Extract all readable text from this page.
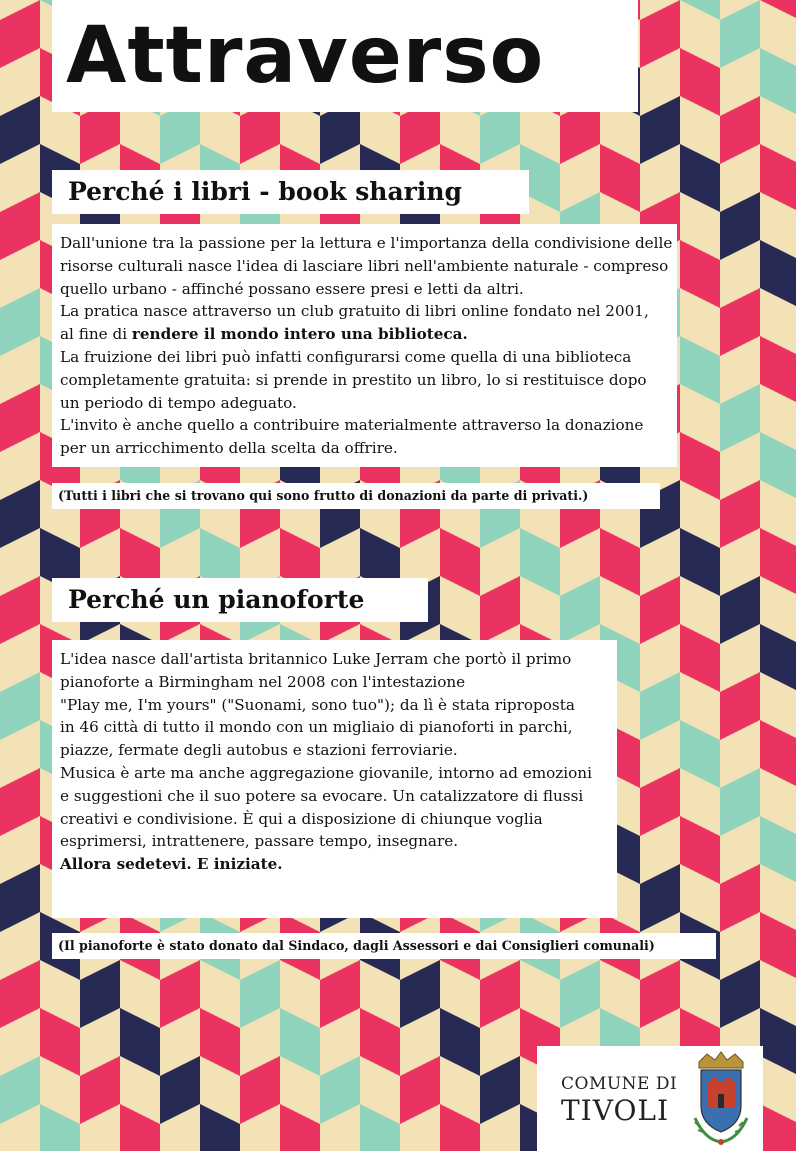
Attraverso
Perché i libri - book sharing
Dall'unione tra la passione per la lettura e l'importanza della condivisione delle
risorse culturali nasce l'idea di lasciare libri nell'ambiente naturale - compreso
quello urbano - affinché possano essere presi e letti da altri.
La pratica nasce attraverso un club gratuito di libri online fondato nel 2001,
al fine di rendere il mondo intero una biblioteca.
La fruizione dei libri può infatti configurarsi come quella di una biblioteca
completamente gratuita: si prende in prestito un libro, lo si restituisce dopo
un periodo di tempo adeguato.
L'invito è anche quello a contribuire materialmente attraverso la donazione
per un arricchimento della scelta da offrire.

(Tutti i libri che si trovano qui sono frutto di donazioni da parte di privati.)

Perché un pianoforte
L'idea nasce dall'artista britannico Luke Jerram che portò il primo
pianoforte a Birmingham nel 2008 con l'intestazione
"Play me, I'm yours" ("Suonami, sono tuo"); da lì è stata riproposta
in 46 città di tutto il mondo con un migliaio di pianoforti in parchi,
piazze, fermate degli autobus e stazioni ferroviarie.
Musica è arte ma anche aggregazione giovanile, intorno ad emozioni
e suggestioni che il suo potere sa evocare. Un catalizzatore di flussi
creativi e condivisione. È qui a disposizione di chiunque voglia
esprimersi, intrattenere, passare tempo, insegnare.
Allora sedetevi. E iniziate.

(Il pianoforte è stato donato dal Sindaco, dagli Assessori e dai Consiglieri comunali)

COMUNE DI
TIVOLI
